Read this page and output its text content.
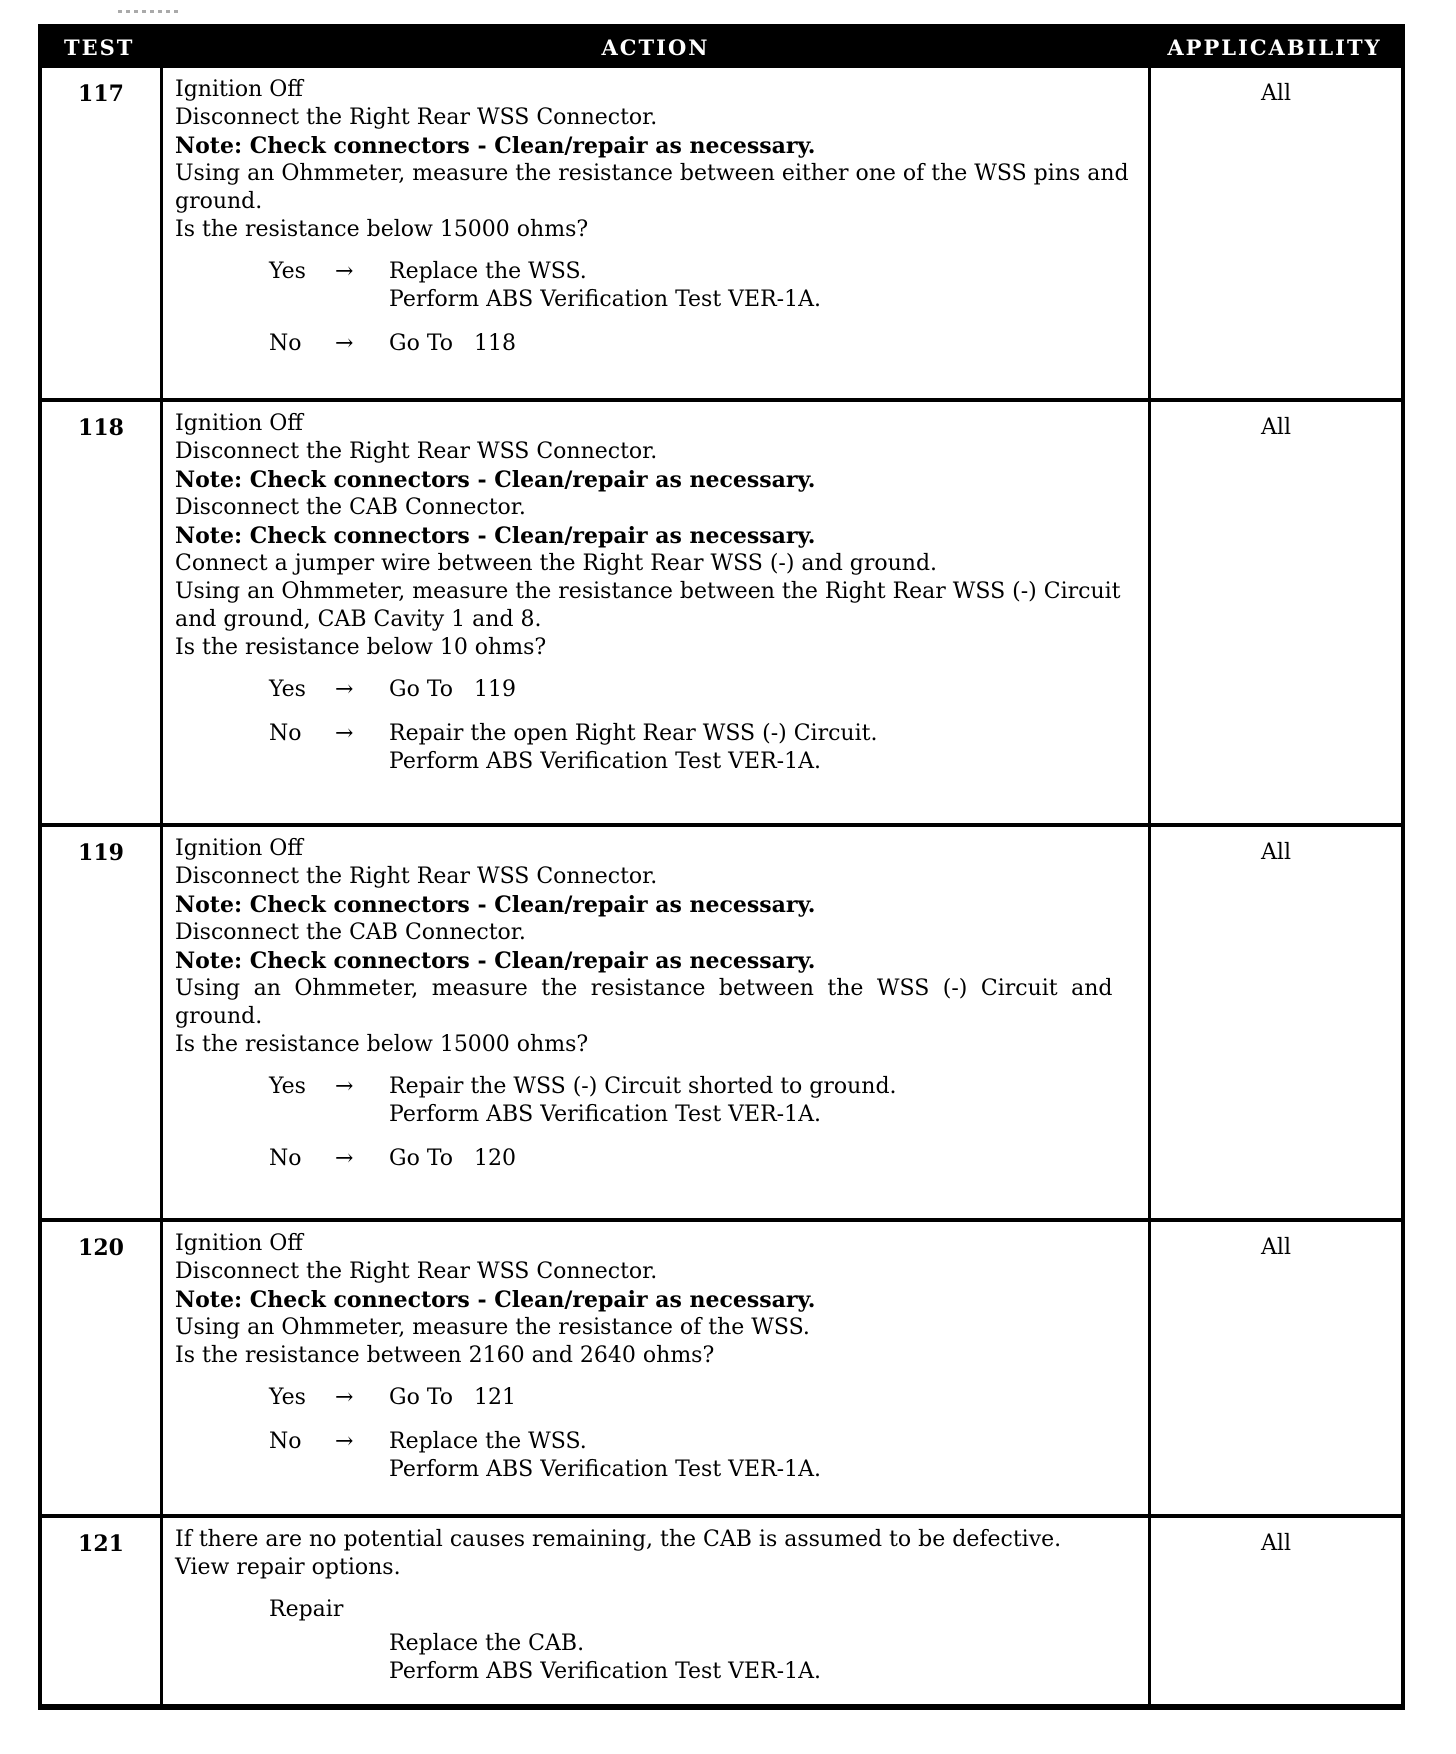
TEST	ACTION	APPLICABILITY
117	Ignition Off
Disconnect the Right Rear WSS Connector.
Note: Check connectors - Clean/repair as necessary.
Using an Ohmmeter, measure the resistance between either one of the WSS pins and
ground.
Is the resistance below 15000 ohms?
Yes	→	Replace the WSS.
Perform ABS Verification Test VER-1A.
No	→	Go To   118
All
118	Ignition Off
Disconnect the Right Rear WSS Connector.
Note: Check connectors - Clean/repair as necessary.
Disconnect the CAB Connector.
Note: Check connectors - Clean/repair as necessary.
Connect a jumper wire between the Right Rear WSS (-) and ground.
Using an Ohmmeter, measure the resistance between the Right Rear WSS (-) Circuit
and ground, CAB Cavity 1 and 8.
Is the resistance below 10 ohms?
Yes	→	Go To   119
No	→	Repair the open Right Rear WSS (-) Circuit.
Perform ABS Verification Test VER-1A.
All
119	Ignition Off
Disconnect the Right Rear WSS Connector.
Note: Check connectors - Clean/repair as necessary.
Disconnect the CAB Connector.
Note: Check connectors - Clean/repair as necessary.
Using an Ohmmeter, measure the resistance between the WSS (-) Circuit and
ground.
Is the resistance below 15000 ohms?
Yes	→	Repair the WSS (-) Circuit shorted to ground.
Perform ABS Verification Test VER-1A.
No	→	Go To   120
All
120	Ignition Off
Disconnect the Right Rear WSS Connector.
Note: Check connectors - Clean/repair as necessary.
Using an Ohmmeter, measure the resistance of the WSS.
Is the resistance between 2160 and 2640 ohms?
Yes	→	Go To   121
No	→	Replace the WSS.
Perform ABS Verification Test VER-1A.
All
121	If there are no potential causes remaining, the CAB is assumed to be defective.
View repair options.
Repair
Replace the CAB.
Perform ABS Verification Test VER-1A.
All
